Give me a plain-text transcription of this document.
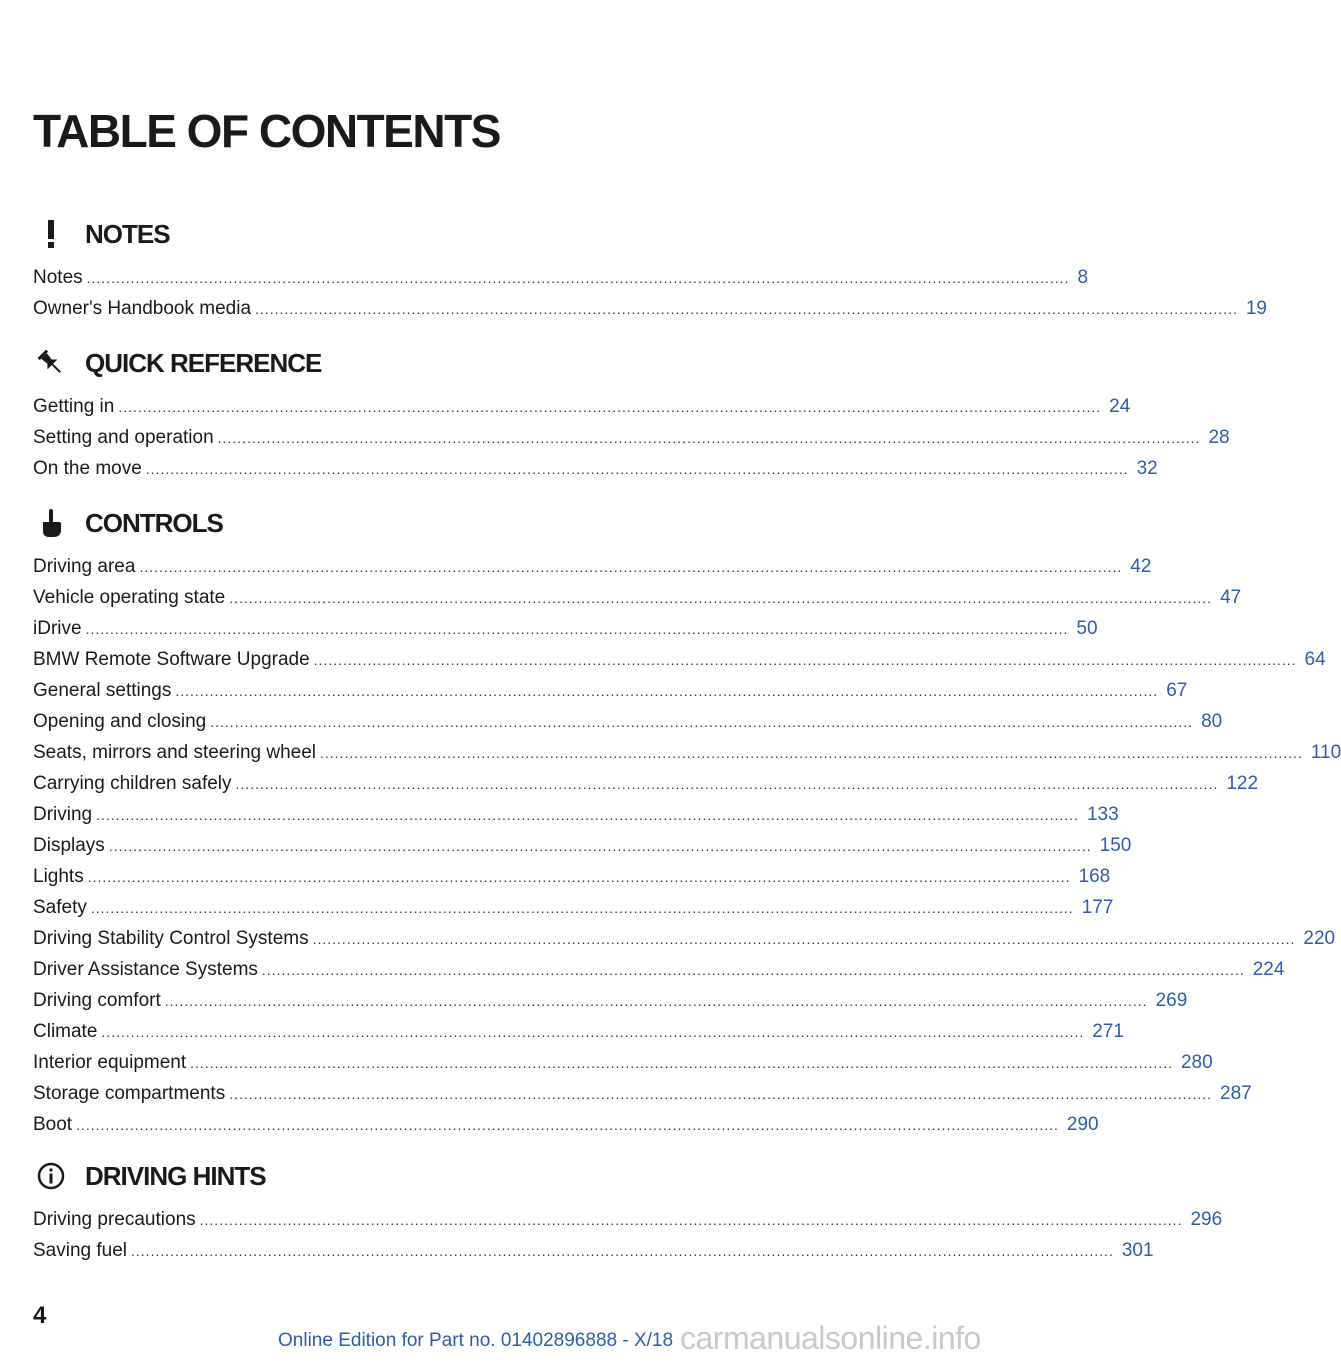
TABLE OF CONTENTS
NOTES
Notes ......................................................................................................................................................................................................... 8
Owner's Handbook media ......................................................................................................................................................................................................... 19
QUICK REFERENCE
Getting in ......................................................................................................................................................................................................... 24
Setting and operation ......................................................................................................................................................................................................... 28
On the move ......................................................................................................................................................................................................... 32
CONTROLS
Driving area ......................................................................................................................................................................................................... 42
Vehicle operating state ......................................................................................................................................................................................................... 47
iDrive ......................................................................................................................................................................................................... 50
BMW Remote Software Upgrade ......................................................................................................................................................................................................... 64
General settings ......................................................................................................................................................................................................... 67
Opening and closing ......................................................................................................................................................................................................... 80
Seats, mirrors and steering wheel ......................................................................................................................................................................................................... 110
Carrying children safely ......................................................................................................................................................................................................... 122
Driving ......................................................................................................................................................................................................... 133
Displays ......................................................................................................................................................................................................... 150
Lights ......................................................................................................................................................................................................... 168
Safety ......................................................................................................................................................................................................... 177
Driving Stability Control Systems ......................................................................................................................................................................................................... 220
Driver Assistance Systems ......................................................................................................................................................................................................... 224
Driving comfort ......................................................................................................................................................................................................... 269
Climate ......................................................................................................................................................................................................... 271
Interior equipment ......................................................................................................................................................................................................... 280
Storage compartments ......................................................................................................................................................................................................... 287
Boot ......................................................................................................................................................................................................... 290
DRIVING HINTS
Driving precautions ......................................................................................................................................................................................................... 296
Saving fuel ......................................................................................................................................................................................................... 301
4
Online Edition for Part no. 01402896888 - X/18 carmanualsonline.info
